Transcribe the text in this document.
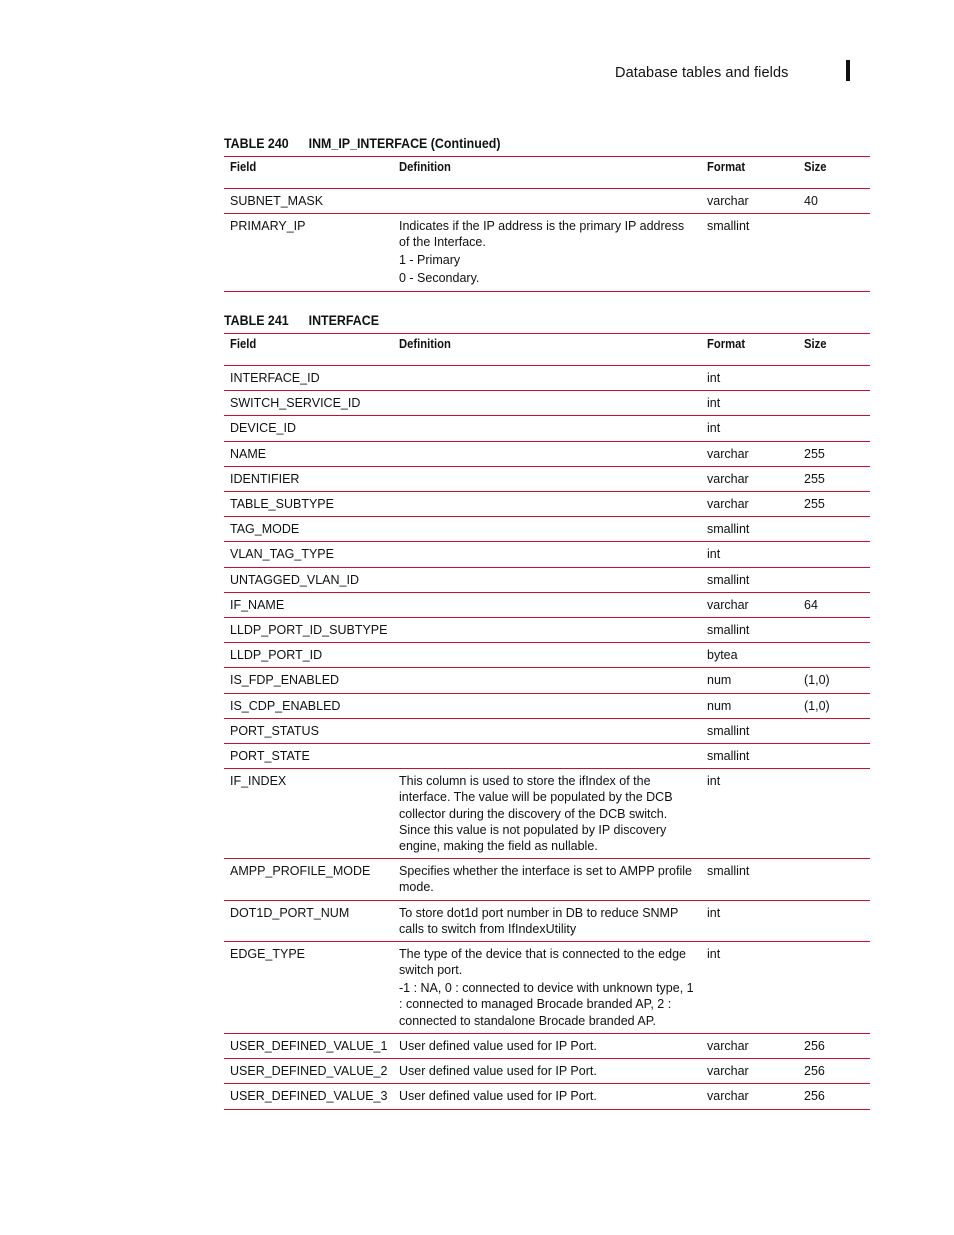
Database tables and fields
TABLE 240 INM_IP_INTERFACE (Continued)
Field	Definition	Format	Size
SUBNET_MASK		varchar	40
PRIMARY_IP	Indicates if the IP address is the primary IP address of the Interface.
1 - Primary
0 - Secondary.	smallint	
TABLE 241 INTERFACE
Field	Definition	Format	Size
INTERFACE_ID		int	
SWITCH_SERVICE_ID		int	
DEVICE_ID		int	
NAME		varchar	255
IDENTIFIER		varchar	255
TABLE_SUBTYPE		varchar	255
TAG_MODE		smallint	
VLAN_TAG_TYPE		int	
UNTAGGED_VLAN_ID		smallint	
IF_NAME		varchar	64
LLDP_PORT_ID_SUBTYPE		smallint	
LLDP_PORT_ID		bytea	
IS_FDP_ENABLED		num	(1,0)
IS_CDP_ENABLED		num	(1,0)
PORT_STATUS		smallint	
PORT_STATE		smallint	
IF_INDEX	This column is used to store the ifIndex of the interface. The value will be populated by the DCB collector during the discovery of the DCB switch. Since this value is not populated by IP discovery engine, making the field as nullable.	int	
AMPP_PROFILE_MODE	Specifies whether the interface is set to AMPP profile mode.	smallint	
DOT1D_PORT_NUM	To store dot1d port number in DB to reduce SNMP calls to switch from IfIndexUtility	int	
EDGE_TYPE	The type of the device that is connected to the edge switch port.
-1 : NA, 0 : connected to device with unknown type, 1 : connected to managed Brocade branded AP, 2 : connected to standalone Brocade branded AP.	int	
USER_DEFINED_VALUE_1	User defined value used for IP Port.	varchar	256
USER_DEFINED_VALUE_2	User defined value used for IP Port.	varchar	256
USER_DEFINED_VALUE_3	User defined value used for IP Port.	varchar	256
